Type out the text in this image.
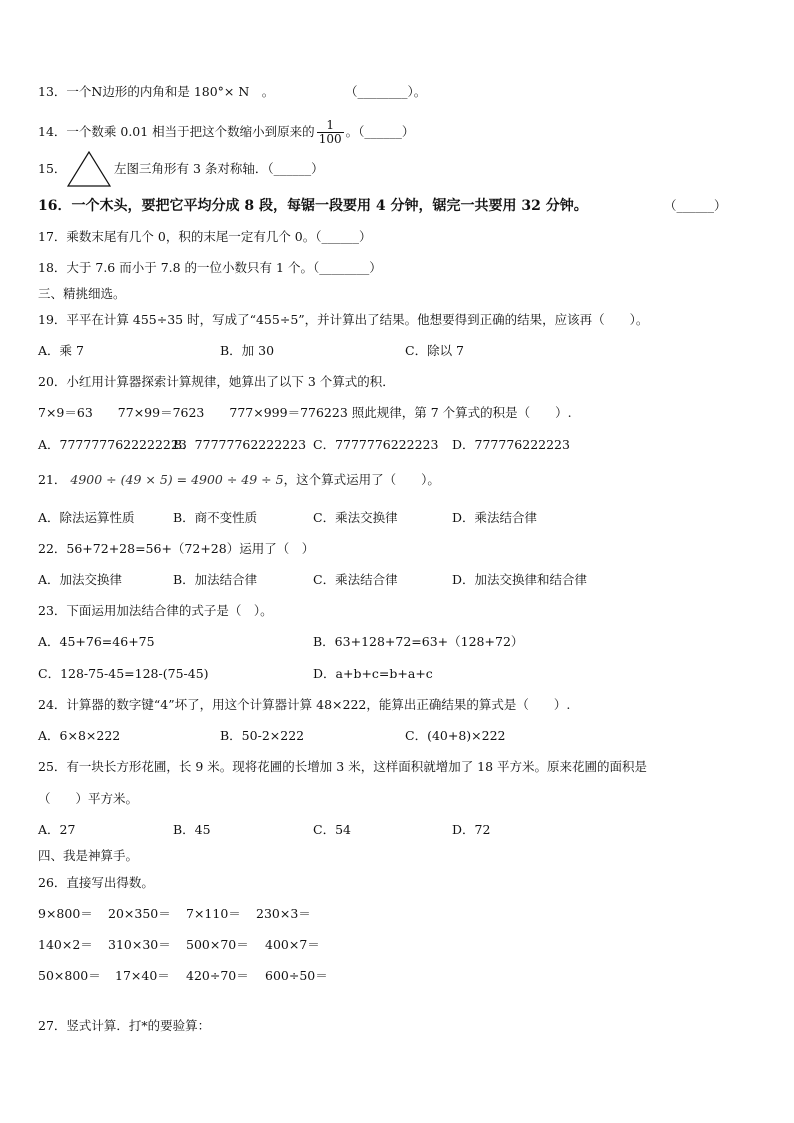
13．一个N边形的内角和是 180°× N　。	（________）。
14．一个数乘 0.01 相当于把这个数缩小到原来的 $\frac{1}{100}$ 。（______）
15．	左图三角形有 3 条对称轴．（______）
16．一个木头，要把它平均分成 8 段，每锯一段要用 4 分钟，锯完一共要用 32 分钟。	（______）
17．乘数末尾有几个 0，积的末尾一定有几个 0。（______）
18．大于 7.6 而小于 7.8 的一位小数只有 1 个。（________）
三、精挑细选。
19．平平在计算 455÷35 时，写成了“455÷5”，并计算出了结果。他想要得到正确的结果，应该再（　　）。
A．乘 7	B．加 30	C．除以 7
20．小红用计算器探索计算规律，她算出了以下 3 个算式的积．
7×9＝63　　77×99＝7623　　777×999＝776223 照此规律，第 7 个算式的积是（　　）.
A．7777777622222223
B．77777762222223 C．7777776222223 D．777776222223
21． 4900 ÷ (49 × 5) = 4900 ÷ 49 ÷ 5，这个算式运用了（　　）。
A．除法运算性质	B．商不变性质	C．乘法交换律	D．乘法结合律
22．56+72+28=56+（72+28）运用了（　）
A．加法交换律	B．加法结合律	C．乘法结合律	D．加法交换律和结合律
23．下面运用加法结合律的式子是（　）。
A．45+76=46+75	B．63+128+72=63+（128+72）
C．128-75-45=128-(75-45)	D．a+b+c=b+a+c
24．计算器的数字键“4”坏了，用这个计算器计算 48×222，能算出正确结果的算式是（　　）.
A．6×8×222	B．50-2×222	C．(40+8)×222
25．有一块长方形花圃，长 9 米。现将花圃的长增加 3 米，这样面积就增加了 18 平方米。原来花圃的面积是
（　　）平方米。
A．27	B．45	C．54	D．72
四、我是神算手。
26．直接写出得数。
9×800＝ 20×350＝ 7×110＝ 230×3＝
140×2＝ 310×30＝ 500×70＝ 400×7＝
50×800＝ 17×40＝ 420÷70＝ 600÷50＝
27．竖式计算．打*的要验算：
